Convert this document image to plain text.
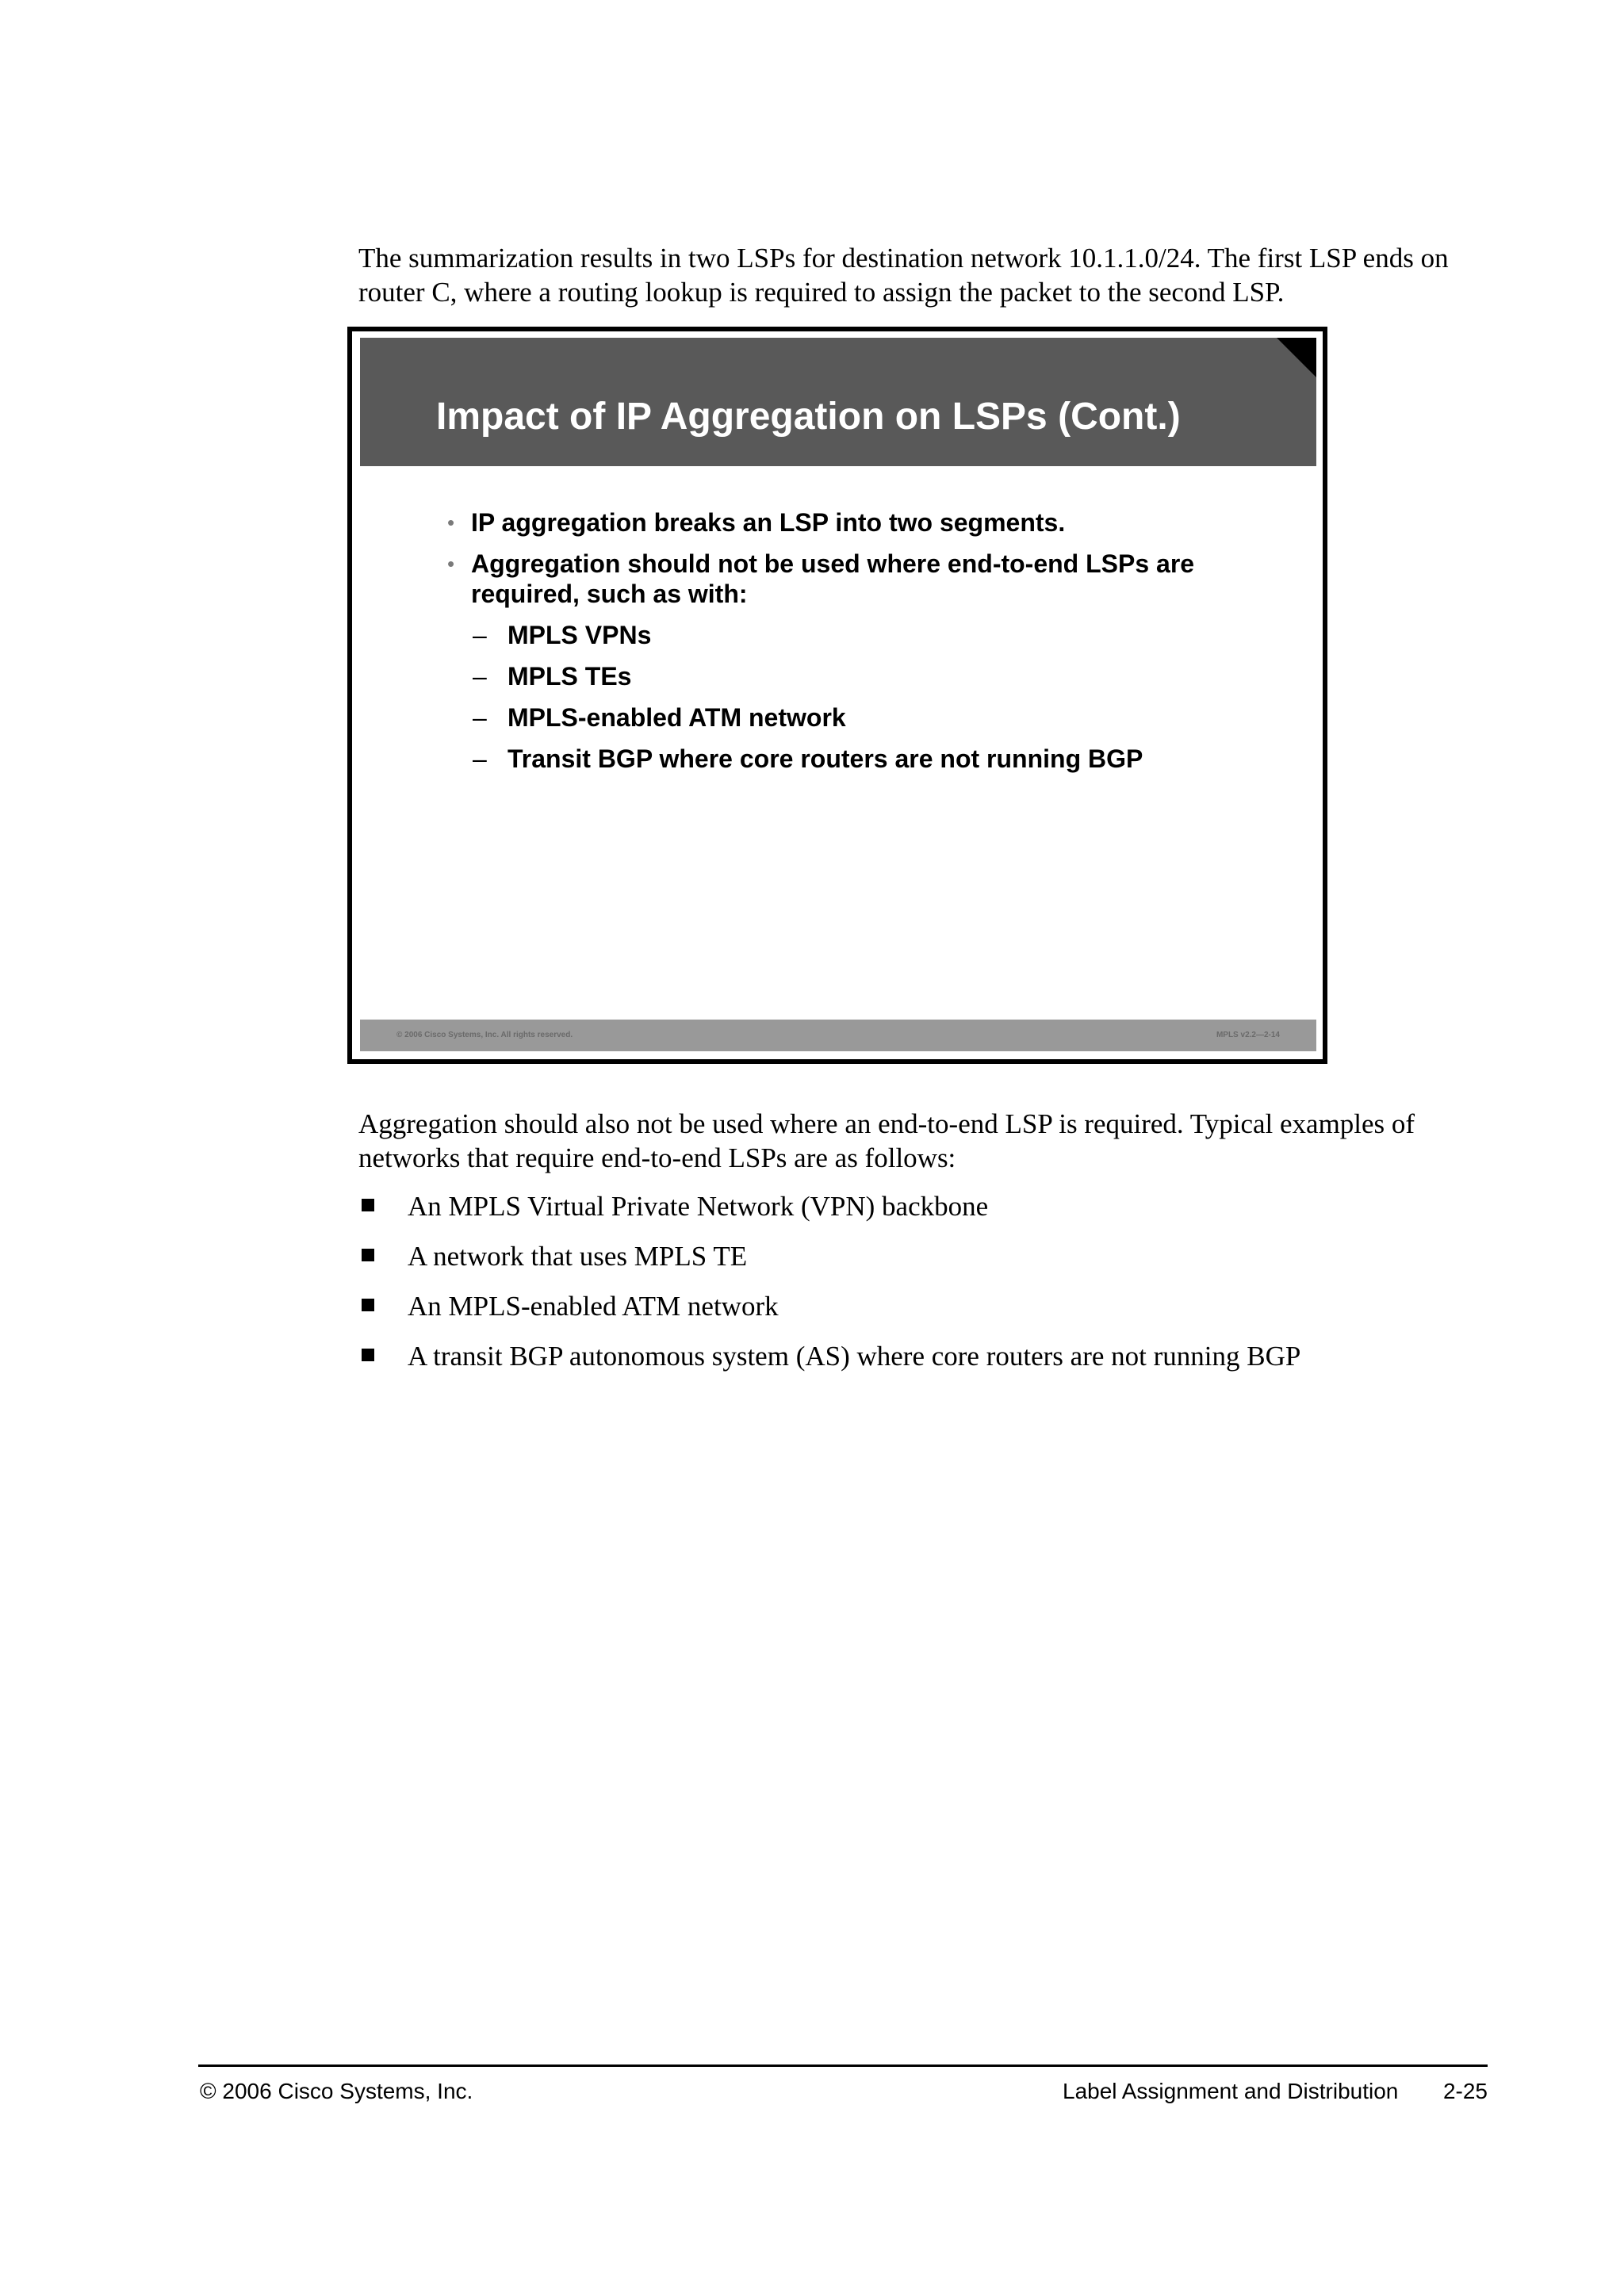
The summarization results in two LSPs for destination network 10.1.1.0/24. The first LSP ends on router C, where a routing lookup is required to assign the packet to the second LSP.
Impact of IP Aggregation on LSPs (Cont.)
• IP aggregation breaks an LSP into two segments.
• Aggregation should not be used where end-to-end LSPs are required, such as with:
– MPLS VPNs
– MPLS TEs
– MPLS-enabled ATM network
– Transit BGP where core routers are not running BGP
© 2006 Cisco Systems, Inc. All rights reserved.	MPLS v2.2—2-14
Aggregation should also not be used where an end-to-end LSP is required. Typical examples of networks that require end-to-end LSPs are as follows:
An MPLS Virtual Private Network (VPN) backbone
A network that uses MPLS TE
An MPLS-enabled ATM network
A transit BGP autonomous system (AS) where core routers are not running BGP
© 2006 Cisco Systems, Inc.	Label Assignment and Distribution 2-25
